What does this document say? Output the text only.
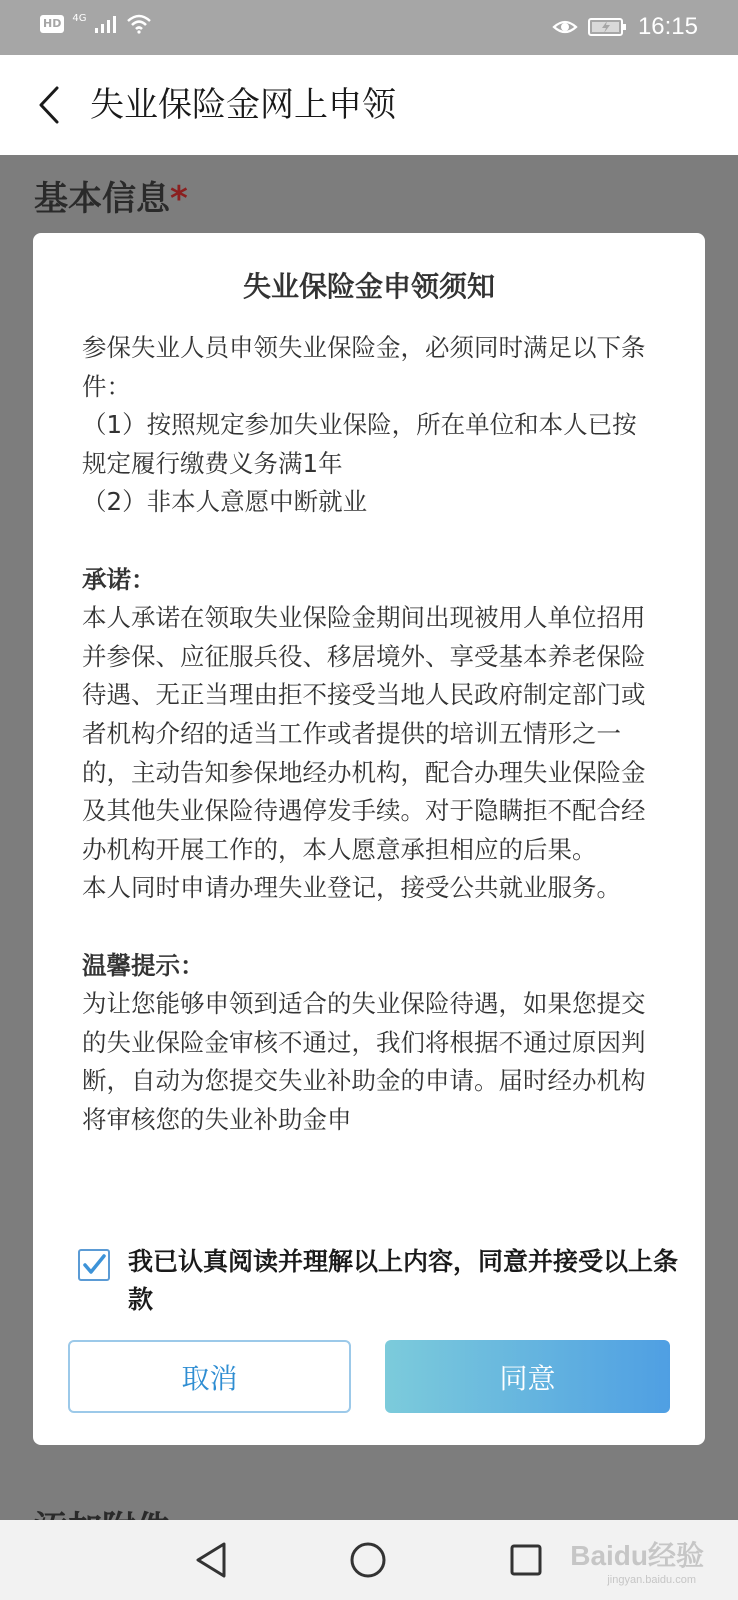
HD	4G	16:15
失业保险金网上申领
基本信息*
失业保险金申领须知

参保失业人员申领失业保险金，必须同时满足以下条件：

（1）按照规定参加失业保险，所在单位和本人已按规定履行缴费义务满1年

（2）非本人意愿中断就业

承诺：

本人承诺在领取失业保险金期间出现被用人单位招用并参保、应征服兵役、移居境外、享受基本养老保险待遇、无正当理由拒不接受当地人民政府制定部门或者机构介绍的适当工作或者提供的培训五情形之一的，主动告知参保地经办机构，配合办理失业保险金及其他失业保险待遇停发手续。对于隐瞒拒不配合经办机构开展工作的，本人愿意承担相应的后果。

本人同时申请办理失业登记，接受公共就业服务。

温馨提示：

为让您能够申领到适合的失业保险待遇，如果您提交的失业保险金审核不通过，我们将根据不通过原因判断，自动为您提交失业补助金的申请。届时经办机构将审核您的失业补助金申

我已认真阅读并理解以上内容，同意并接受以上条款
取消	同意
Baidu经验
jingyan.baidu.com
